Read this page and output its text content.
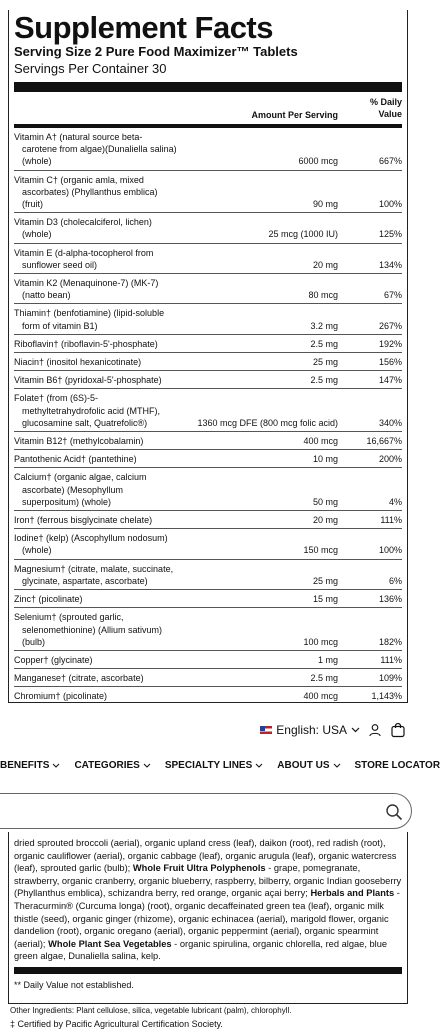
Supplement Facts
Serving Size 2 Pure Food Maximizer™ Tablets
Servings Per Container 30
Amount Per Serving
% Daily
Value
Vitamin A† (natural source beta-
carotene from algae)(Dunaliella salina)
(whole)	6000 mcg	667%
Vitamin C† (organic amla, mixed
ascorbates) (Phyllanthus emblica)
(fruit)	90 mg	100%
Vitamin D3 (cholecalciferol, lichen)
(whole)	25 mcg (1000 IU)	125%
Vitamin E (d-alpha-tocopherol from
sunflower seed oil)	20 mg	134%
Vitamin K2 (Menaquinone-7) (MK-7)
(natto bean)	80 mcg	67%
Thiamin† (benfotiamine) (lipid-soluble
form of vitamin B1)	3.2 mg	267%
Riboflavin† (riboflavin-5'-phosphate)	2.5 mg	192%
Niacin† (inositol hexanicotinate)	25 mg	156%
Vitamin B6† (pyridoxal-5'-phosphate)	2.5 mg	147%
Folate† (from (6S)-5-
methyltetrahydrofolic acid (MTHF),
glucosamine salt, Quatrefolic®)	1360 mcg DFE (800 mcg folic acid)	340%
Vitamin B12† (methylcobalamin)	400 mcg	16,667%
Pantothenic Acid† (pantethine)	10 mg	200%
Calcium† (organic algae, calcium
ascorbate) (Mesophyllum
superpositum) (whole)	50 mg	4%
Iron† (ferrous bisglycinate chelate)	20 mg	111%
Iodine† (kelp) (Ascophyllum nodosum)
(whole)	150 mcg	100%
Magnesium† (citrate, malate, succinate,
glycinate, aspartate, ascorbate)	25 mg	6%
Zinc† (picolinate)	15 mg	136%
Selenium† (sprouted garlic,
selenomethionine) (Allium sativum)
(bulb)	100 mcg	182%
Copper† (glycinate)	1 mg	111%
Manganese† (citrate, ascorbate)	2.5 mg	109%
Chromium† (picolinate)	400 mcg	1,143%
English: USA
BENEFITS	CATEGORIES	SPECIALTY LINES	ABOUT US	STORE LOCATOR
dried sprouted broccoli (aerial), organic upland cress (leaf), daikon (root), red radish (root), organic cauliflower (aerial), organic cabbage (leaf), organic arugula (leaf), organic watercress (leaf), sprouted garlic (bulb); Whole Fruit Ultra Polyphenols - grape, pomegranate, strawberry, organic cranberry, organic blueberry, raspberry, bilberry, organic Indian gooseberry (Phyllanthus emblica), schizandra berry, red orange, organic açai berry; Herbals and Plants - Theracurmin® (Curcuma longa) (root), organic decaffeinated green tea (leaf), organic milk thistle (seed), organic ginger (rhizome), organic echinacea (aerial), marigold flower, organic dandelion (root), organic oregano (aerial), organic peppermint (aerial), organic spearmint (aerial); Whole Plant Sea Vegetables - organic spirulina, organic chlorella, red algae, blue green algae, Dunaliella salina, kelp.
** Daily Value not established.
Other Ingredients: Plant cellulose, silica, vegetable lubricant (palm), chlorophyll.
‡ Certified by Pacific Agricultural Certification Society.
